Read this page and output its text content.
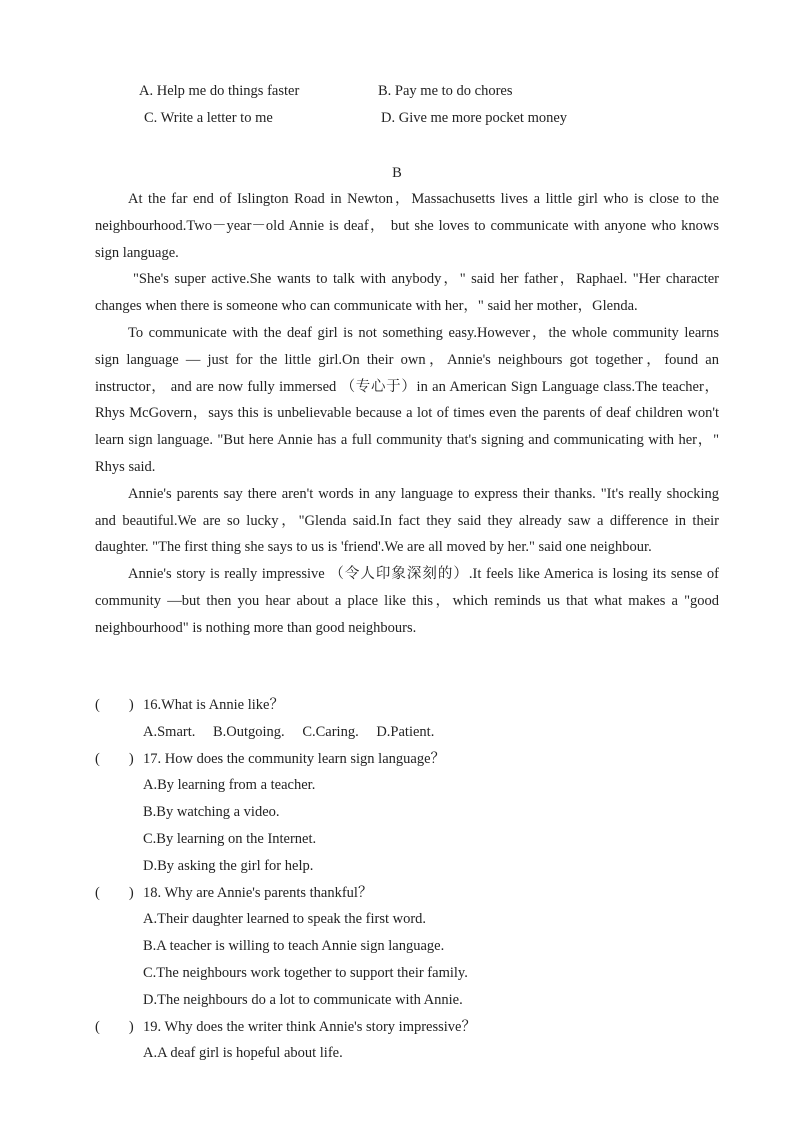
A. Help me do things faster	B. Pay me to do chores
C. Write a letter to me	D. Give me more pocket money
B

At the far end of Islington Road in Newton，Massachusetts lives a little girl who is close to the neighbourhood.Two－year－old Annie is deaf， but she loves to communicate with anyone who knows sign language.

"She's super active.She wants to talk with anybody，" said her father，Raphael. "Her character changes when there is someone who can communicate with her，" said her mother，Glenda.

To communicate with the deaf girl is not something easy.However，the whole community learns sign language — just for the little girl.On their own，Annie's neighbours got together，found an instructor， and are now fully immersed （专心于）in an American Sign Language class.The teacher，Rhys McGovern，says this is unbelievable because a lot of times even the parents of deaf children won't learn sign language. "But here Annie has a full community that's signing and communicating with her，" Rhys said.

Annie's parents say there aren't words in any language to express their thanks. "It's really shocking and beautiful.We are so lucky，"Glenda said.In fact they said they already saw a difference in their daughter. "The first thing she says to us is 'friend'.We are all moved by her." said one neighbour.

Annie's story is really impressive （令人印象深刻的）.It feels like America is losing its sense of community —but then you hear about a place like this，which reminds us that what makes a "good neighbourhood" is nothing more than good neighbours.

(　　) 16.What is Annie like？
A.Smart. B.Outgoing. C.Caring. D.Patient.
(　　) 17. How does the community learn sign language？
A.By learning from a teacher.
B.By watching a video.
C.By learning on the Internet.
D.By asking the girl for help.
(　　) 18. Why are Annie's parents thankful？
A.Their daughter learned to speak the first word.
B.A teacher is willing to teach Annie sign language.
C.The neighbours work together to support their family.
D.The neighbours do a lot to communicate with Annie.
(　　) 19. Why does the writer think Annie's story impressive？
A.A deaf girl is hopeful about life.
